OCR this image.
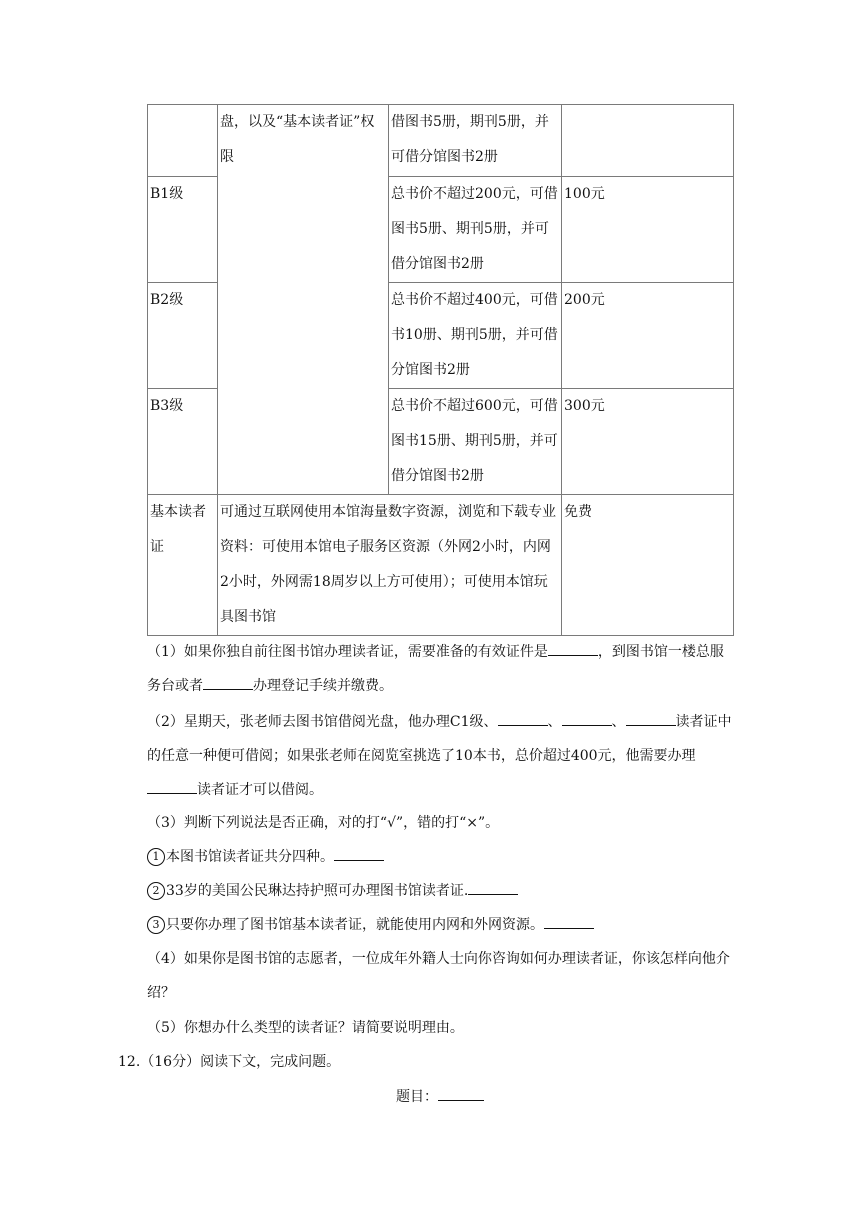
	盘，以及“基本读者证”权限	借图书5册，期刊5册，并可借分馆图书2册	
B1级		总书价不超过200元，可借图书5册、期刊5册，并可借分馆图书2册	100元
B2级		总书价不超过400元，可借书10册、期刊5册，并可借分馆图书2册	200元
B3级		总书价不超过600元，可借图书15册、期刊5册，并可借分馆图书2册	300元
基本读者证	可通过互联网使用本馆海量数字资源，浏览和下载专业资料：可使用本馆电子服务区资源（外网2小时，内网2小时，外网需18周岁以上方可使用）；可使用本馆玩具图书馆		免费
（1）如果你独自前往图书馆办理读者证，需要准备的有效证件是	，到图书馆一楼总服务台或者	办理登记手续并缴费。
（2）星期天，张老师去图书馆借阅光盘，他办理C1级、	、	、	读者证中的任意一种便可借阅；如果张老师在阅览室挑选了10本书，总价超过400元，他需要办理读者证才可以借阅。
（3）判断下列说法是否正确，对的打“√”，错的打“×”。
1 本图书馆读者证共分四种。
2 33岁的美国公民琳达持护照可办理图书馆读者证.
3 只要你办理了图书馆基本读者证，就能使用内网和外网资源。
（4）如果你是图书馆的志愿者，一位成年外籍人士向你咨询如何办理读者证，你该怎样向他介绍？
（5）你想办什么类型的读者证？请简要说明理由。
12.（16分）阅读下文，完成问题。
题目：
